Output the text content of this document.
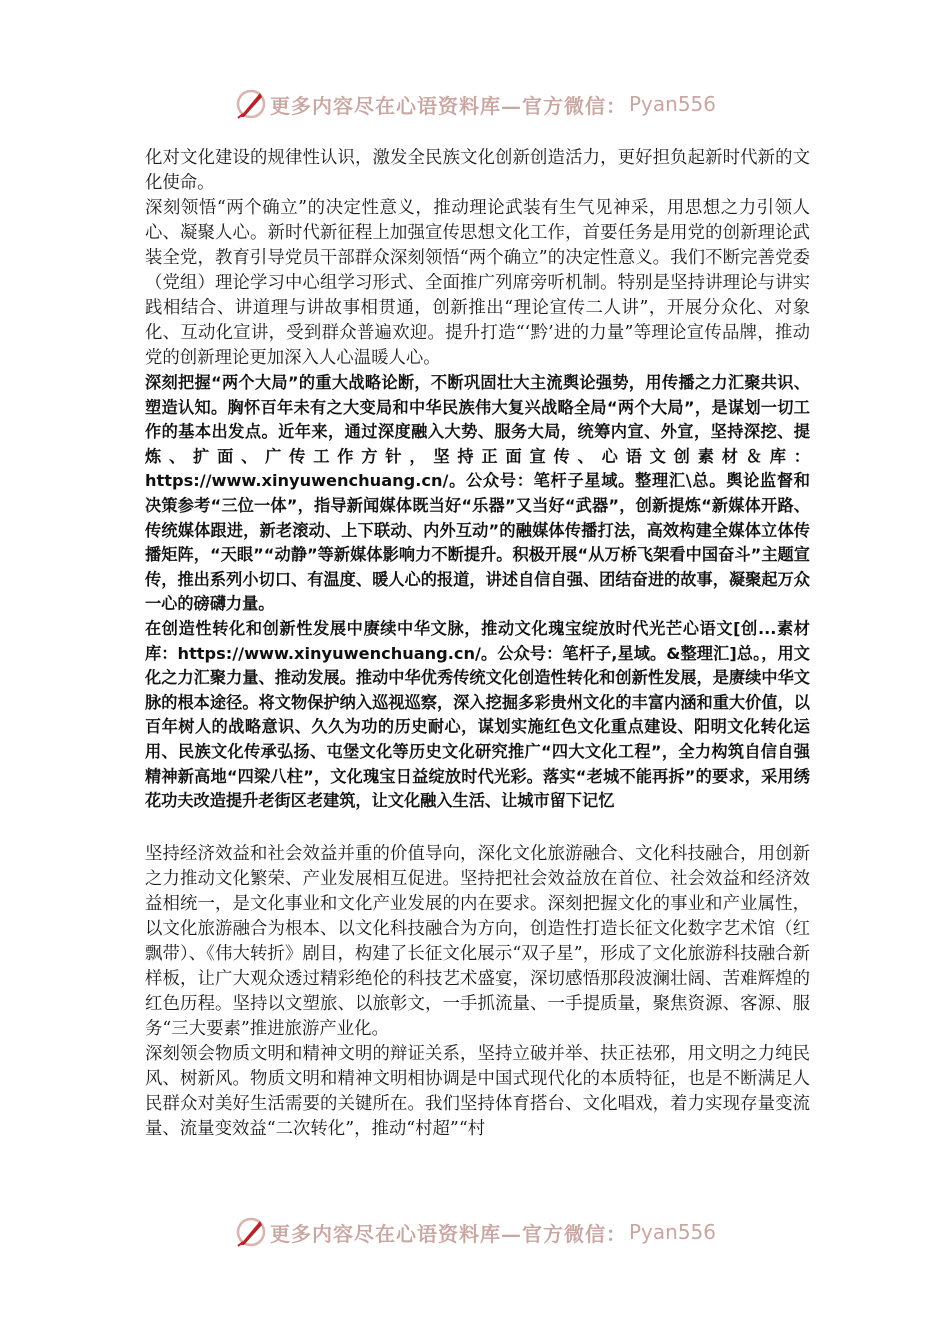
更多内容尽在心语资料库—官方微信： Pyan556

化对文化建设的规律性认识，激发全民族文化创新创造活力，更好担负起新时代新的文化使命。

深刻领悟“两个确立”的决定性意义，推动理论武装有生气见神采，用思想之力引领人心、凝聚人心。新时代新征程上加强宣传思想文化工作，首要任务是用党的创新理论武装全党，教育引导党员干部群众深刻领悟“两个确立”的决定性意义。我们不断完善党委（党组）理论学习中心组学习形式、全面推广列席旁听机制。特别是坚持讲理论与讲实践相结合、讲道理与讲故事相贯通，创新推出“理论宣传二人讲”，开展分众化、对象化、互动化宣讲，受到群众普遍欢迎。提升打造“‘黔’进的力量”等理论宣传品牌，推动党的创新理论更加深入人心温暖人心。

深刻把握“两个大局”的重大战略论断，不断巩固壮大主流舆论强势，用传播之力汇聚共识、塑造认知。胸怀百年未有之大变局和中华民族伟大复兴战略全局“两个大局”，是谋划一切工作的基本出发点。近年来，通过深度融入大势、服务大局，统筹内宣、外宣，坚持深挖、提炼、扩面、广传工作方针，坚持正面宣传、心语文创素材＆库：https://www.xinyuwenchuang.cn/。公众号：笔杆子星域。整理汇\总。舆论监督和决策参考“三位一体”，指导新闻媒体既当好“乐器”又当好“武器”，创新提炼“新媒体开路、传统媒体跟进，新老滚动、上下联动、内外互动”的融媒体传播打法，高效构建全媒体立体传播矩阵，“天眼”“动静”等新媒体影响力不断提升。积极开展“从万桥飞架看中国奋斗”主题宣传，推出系列小切口、有温度、暖人心的报道，讲述自信自强、团结奋进的故事，凝聚起万众一心的磅礴力量。

在创造性转化和创新性发展中赓续中华文脉，推动文化瑰宝绽放时代光芒心语文[创...素材库：https://www.xinyuwenchuang.cn/。公众号：笔杆子,星域。&整理汇]总。，用文化之力汇聚力量、推动发展。推动中华优秀传统文化创造性转化和创新性发展，是赓续中华文脉的根本途径。将文物保护纳入巡视巡察，深入挖掘多彩贵州文化的丰富内涵和重大价值，以百年树人的战略意识、久久为功的历史耐心，谋划实施红色文化重点建设、阳明文化转化运用、民族文化传承弘扬、屯堡文化等历史文化研究推广“四大文化工程”，全力构筑自信自强精神新高地“四梁八柱”，文化瑰宝日益绽放时代光彩。落实“老城不能再拆”的要求，采用绣花功夫改造提升老街区老建筑，让文化融入生活、让城市留下记忆

坚持经济效益和社会效益并重的价值导向，深化文化旅游融合、文化科技融合，用创新之力推动文化繁荣、产业发展相互促进。坚持把社会效益放在首位、社会效益和经济效益相统一，是文化事业和文化产业发展的内在要求。深刻把握文化的事业和产业属性，以文化旅游融合为根本、以文化科技融合为方向，创造性打造长征文化数字艺术馆（红飘带）、《伟大转折》剧目，构建了长征文化展示“双子星”，形成了文化旅游科技融合新样板，让广大观众透过精彩绝伦的科技艺术盛宴，深切感悟那段波澜壮阔、苦难辉煌的红色历程。坚持以文塑旅、以旅彰文，一手抓流量、一手提质量，聚焦资源、客源、服务“三大要素”推进旅游产业化。

深刻领会物质文明和精神文明的辩证关系，坚持立破并举、扶正祛邪，用文明之力纯民风、树新风。物质文明和精神文明相协调是中国式现代化的本质特征，也是不断满足人民群众对美好生活需要的关键所在。我们坚持体育搭台、文化唱戏，着力实现存量变流量、流量变效益“二次转化”，推动“村超”“村

更多内容尽在心语资料库—官方微信： Pyan556
